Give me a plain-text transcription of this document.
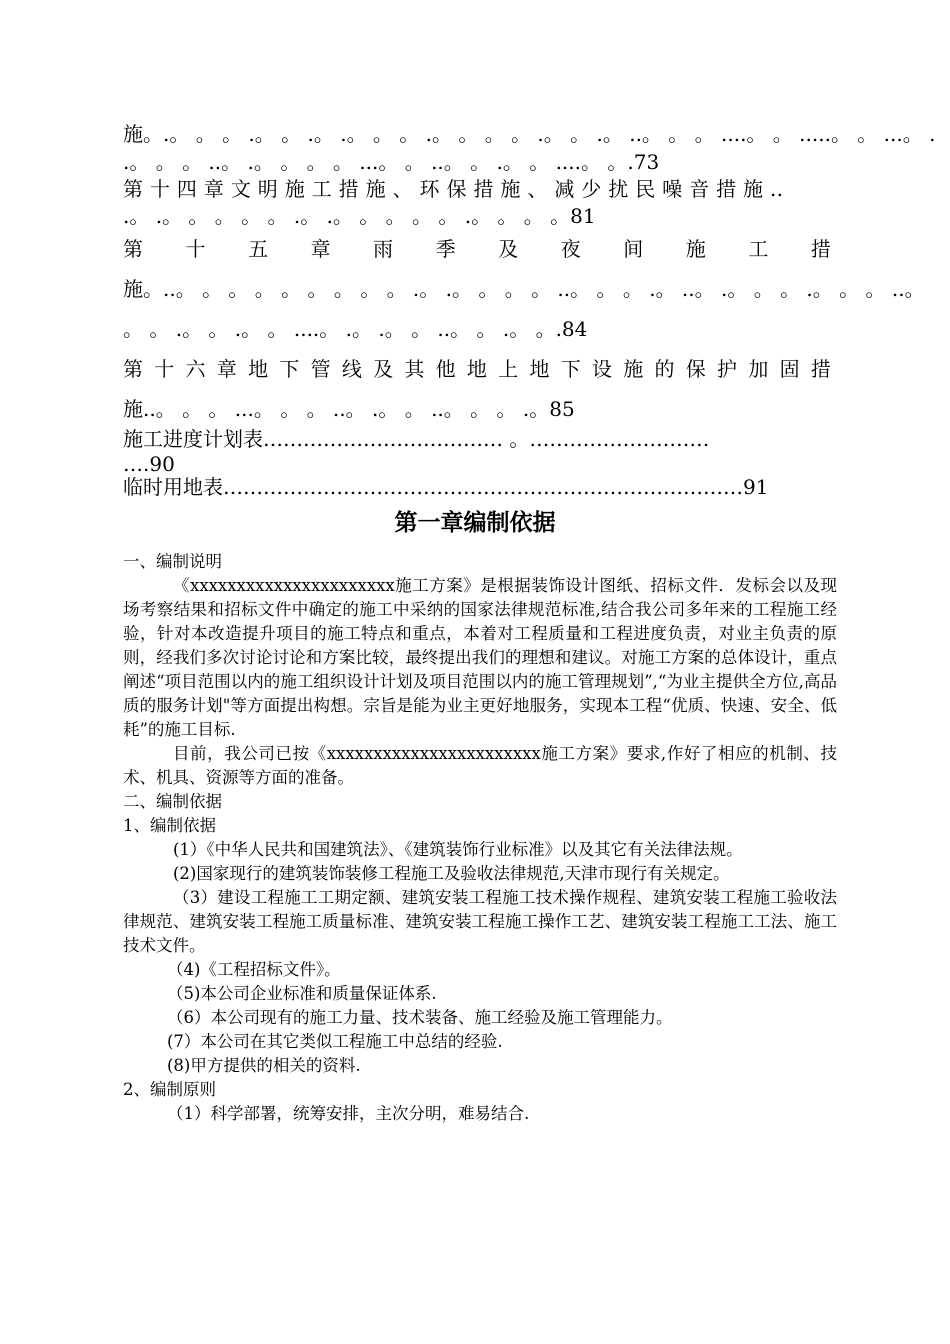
施。.。 。 。 .。 。 .。 .。 。 。 .。 。 。 。 .。 。 .。 ..。 。 。 ....。 。 .....。 。 ...。 .
.。 。 。 ..。 .。 。 。 。 ...。 。 ..。 。 .。 。 ....。 。.73
第 十 四 章 文 明 施 工 措 施 、 环 保 措 施 、 减 少 扰 民 噪 音 措 施 ..
.。 .。 。 。 。 。 .。 .。 。 。 。 。 .。 。 。 。81
第 十 五 章 雨 季 及 夜 间 施 工 措
施。..。 。 。 。 。 。 。 。 。 .。 .。 。 。 。 ..。 。 。 .。 ..。 .。 。 。 .。 。 。 ..。
。 。 .。 。 .。 。 ....。 .。 .。 。 ..。 。 .。 。.84
第 十 六 章 地 下 管 线 及 其 他 地 上 地 下 设 施 的 保 护 加 固 措
施..。 。 。 ...。 。 。 ..。 .。 。 ..。 。 。 .。85
施工进度计划表……………………………… 。………………………
….90
临时用地表……………………………………………………………………91
第一章编制依据

一、编制说明

《xxxxxxxxxxxxxxxxxxxxxx施工方案》是根据装饰设计图纸、招标文件．发标会以及现场考察结果和招标文件中确定的施工中采纳的国家法律规范标准,结合我公司多年来的工程施工经验，针对本改造提升项目的施工特点和重点，本着对工程质量和工程进度负责，对业主负责的原则，经我们多次讨论讨论和方案比较，最终提出我们的理想和建议。对施工方案的总体设计，重点阐述“项目范围以内的施工组织设计计划及项目范围以内的施工管理规划”,“为业主提供全方位,高品质的服务计划"等方面提出构想。宗旨是能为业主更好地服务，实现本工程“优质、快速、安全、低耗”的施工目标.

目前，我公司已按《xxxxxxxxxxxxxxxxxxxxxxx施工方案》要求,作好了相应的机制、技术、机具、资源等方面的准备。

二、编制依据

1、编制依据

(1）《中华人民共和国建筑法》、《建筑装饰行业标准》以及其它有关法律法规。

(2)国家现行的建筑装饰装修工程施工及验收法律规范,天津市现行有关规定。

（3）建设工程施工工期定额、建筑安装工程施工技术操作规程、建筑安装工程施工验收法律规范、建筑安装工程施工质量标准、建筑安装工程施工操作工艺、建筑安装工程施工工法、施工技术文件。

（4)《工程招标文件》。

（5)本公司企业标准和质量保证体系.

（6）本公司现有的施工力量、技术装备、施工经验及施工管理能力。

(7）本公司在其它类似工程施工中总结的经验.

(8)甲方提供的相关的资料.

2、编制原则

（1）科学部署，统筹安排，主次分明，难易结合.
